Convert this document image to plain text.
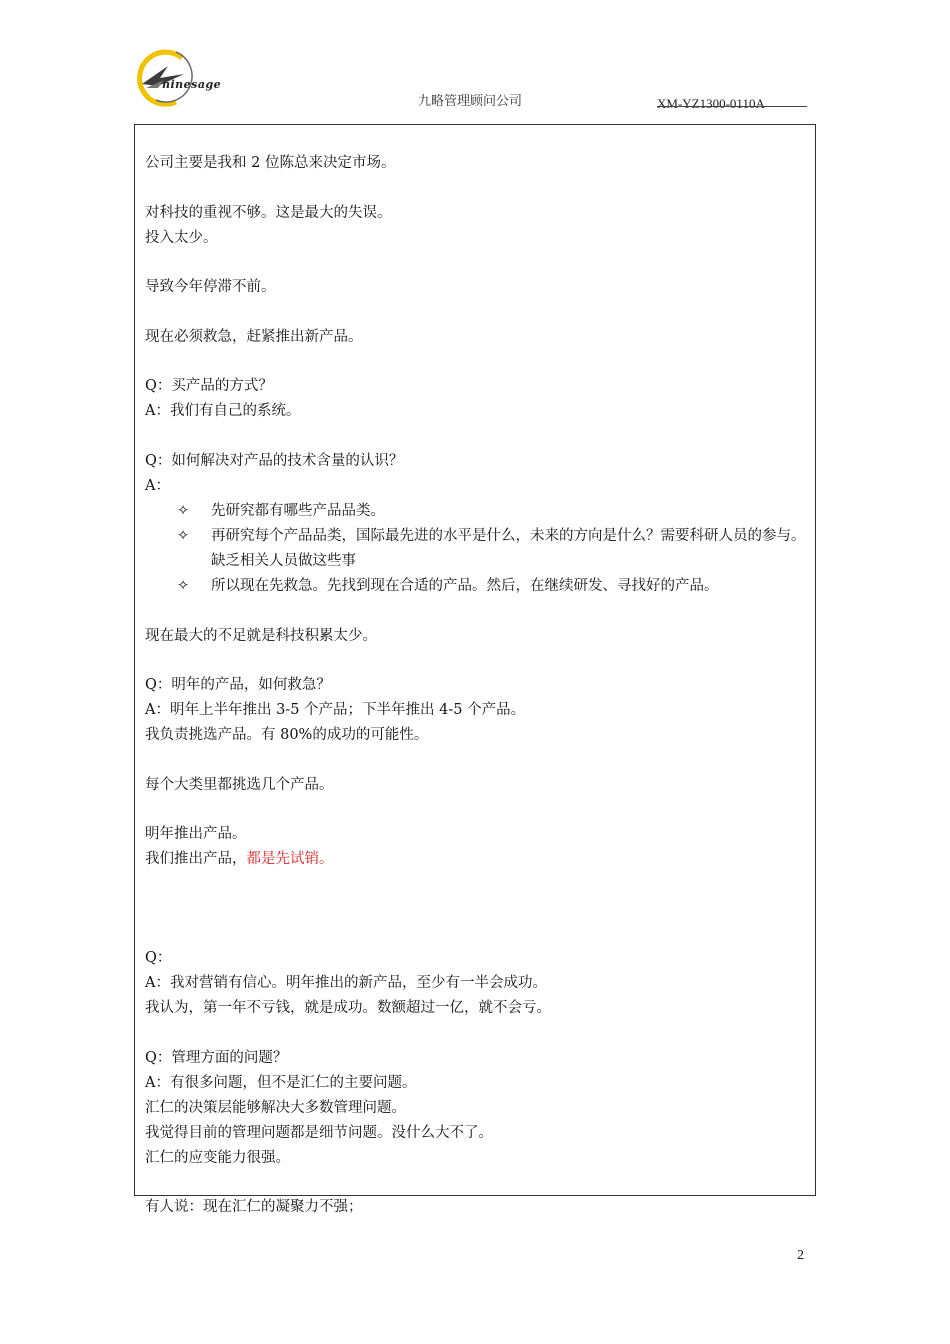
ninesage
九略管理顾问公司	XM-YZ1300-0110A
公司主要是我和 2 位陈总来决定市场。
对科技的重视不够。这是最大的失误。
投入太少。
导致今年停滞不前。
现在必须救急，赶紧推出新产品。
Q：买产品的方式？
A：我们有自己的系统。
Q：如何解决对产品的技术含量的认识？
A：
✧ 先研究都有哪些产品品类。
✧ 再研究每个产品品类，国际最先进的水平是什么，未来的方向是什么？需要科研人员的参与。缺乏相关人员做这些事
✧ 所以现在先救急。先找到现在合适的产品。然后，在继续研发、寻找好的产品。
现在最大的不足就是科技积累太少。
Q：明年的产品，如何救急？
A：明年上半年推出 3-5 个产品；下半年推出 4-5 个产品。
我负责挑选产品。有 80%的成功的可能性。
每个大类里都挑选几个产品。
明年推出产品。
我们推出产品，都是先试销。
Q：
A：我对营销有信心。明年推出的新产品，至少有一半会成功。
我认为，第一年不亏钱，就是成功。数额超过一亿，就不会亏。
Q：管理方面的问题？
A：有很多问题，但不是汇仁的主要问题。
汇仁的决策层能够解决大多数管理问题。
我觉得目前的管理问题都是细节问题。没什么大不了。
汇仁的应变能力很强。
有人说：现在汇仁的凝聚力不强；
2
